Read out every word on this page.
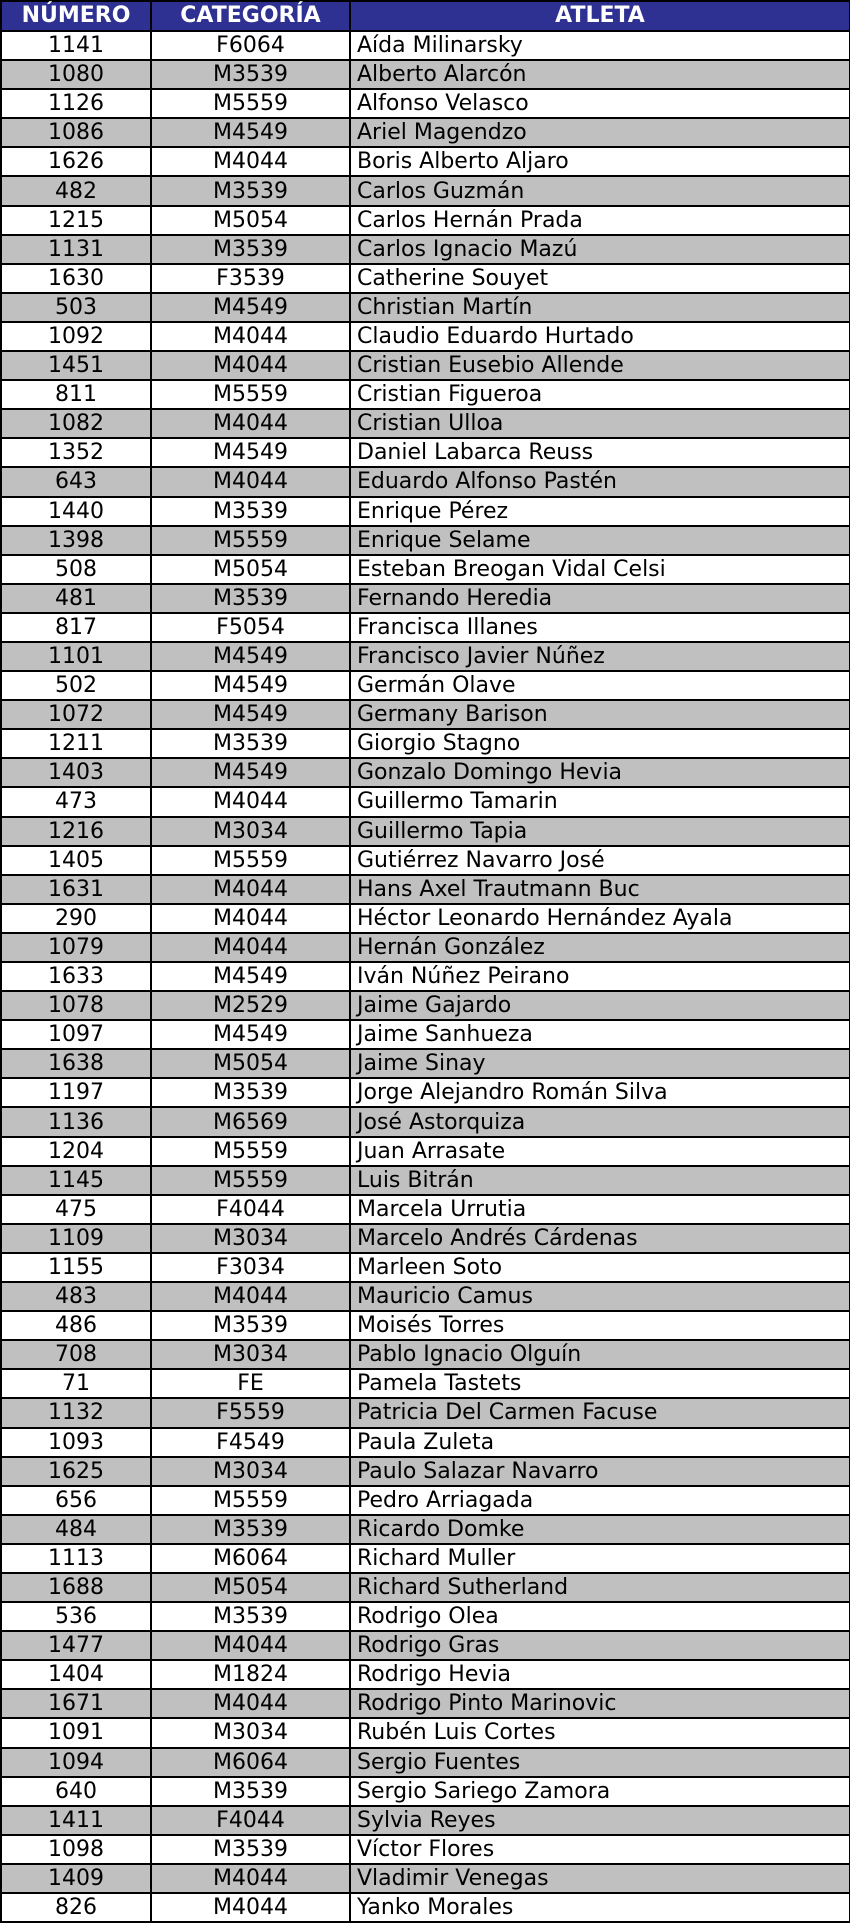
NÚMERO	CATEGORÍA	ATLETA
1141	F6064	Aída Milinarsky
1080	M3539	Alberto Alarcón
1126	M5559	Alfonso Velasco
1086	M4549	Ariel Magendzo
1626	M4044	Boris Alberto Aljaro
482	M3539	Carlos Guzmán
1215	M5054	Carlos Hernán Prada
1131	M3539	Carlos Ignacio Mazú
1630	F3539	Catherine Souyet
503	M4549	Christian Martín
1092	M4044	Claudio Eduardo Hurtado
1451	M4044	Cristian Eusebio Allende
811	M5559	Cristian Figueroa
1082	M4044	Cristian Ulloa
1352	M4549	Daniel Labarca Reuss
643	M4044	Eduardo Alfonso Pastén
1440	M3539	Enrique Pérez
1398	M5559	Enrique Selame
508	M5054	Esteban Breogan Vidal Celsi
481	M3539	Fernando Heredia
817	F5054	Francisca Illanes
1101	M4549	Francisco Javier Núñez
502	M4549	Germán Olave
1072	M4549	Germany Barison
1211	M3539	Giorgio Stagno
1403	M4549	Gonzalo Domingo Hevia
473	M4044	Guillermo Tamarin
1216	M3034	Guillermo Tapia
1405	M5559	Gutiérrez Navarro José
1631	M4044	Hans Axel Trautmann Buc
290	M4044	Héctor Leonardo Hernández Ayala
1079	M4044	Hernán González
1633	M4549	Iván Núñez Peirano
1078	M2529	Jaime Gajardo
1097	M4549	Jaime Sanhueza
1638	M5054	Jaime Sinay
1197	M3539	Jorge Alejandro Román Silva
1136	M6569	José Astorquiza
1204	M5559	Juan Arrasate
1145	M5559	Luis Bitrán
475	F4044	Marcela Urrutia
1109	M3034	Marcelo Andrés Cárdenas
1155	F3034	Marleen Soto
483	M4044	Mauricio Camus
486	M3539	Moisés Torres
708	M3034	Pablo Ignacio Olguín
71	FE	Pamela Tastets
1132	F5559	Patricia Del Carmen Facuse
1093	F4549	Paula Zuleta
1625	M3034	Paulo Salazar Navarro
656	M5559	Pedro Arriagada
484	M3539	Ricardo Domke
1113	M6064	Richard Muller
1688	M5054	Richard Sutherland
536	M3539	Rodrigo Olea
1477	M4044	Rodrigo Gras
1404	M1824	Rodrigo Hevia
1671	M4044	Rodrigo Pinto Marinovic
1091	M3034	Rubén Luis Cortes
1094	M6064	Sergio Fuentes
640	M3539	Sergio Sariego Zamora
1411	F4044	Sylvia Reyes
1098	M3539	Víctor Flores
1409	M4044	Vladimir Venegas
826	M4044	Yanko Morales
